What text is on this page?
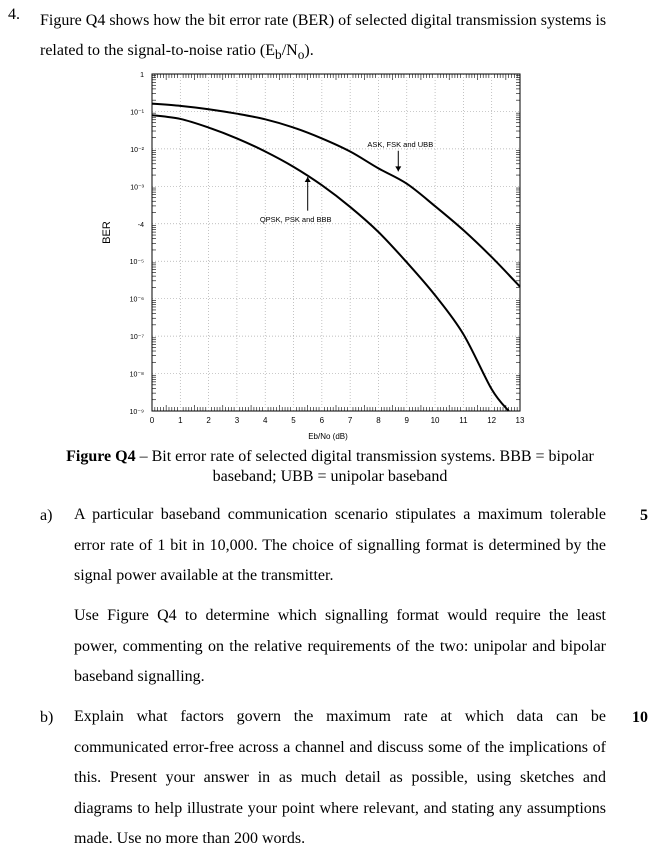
4. Figure Q4 shows how the bit error rate (BER) of selected digital transmission systems is related to the signal-to-noise ratio $(E_b/N_o)$.
0	1	2	3	4	5	6	7	8	9	10 11 12 13
1
10⁻¹
10⁻²
10⁻³
-4
10⁻⁵
10⁻⁶
10⁻⁷
10⁻⁸
10⁻⁹
Eb/No (dB)
BER
ASK, FSK and UBB
QPSK, PSK and BBB
Figure Q4 – Bit error rate of selected digital transmission systems. BBB = bipolar baseband; UBB = unipolar baseband
a)	5
A particular baseband communication scenario stipulates a maximum tolerable error rate of 1 bit in 10,000. The choice of signalling format is determined by the signal power available at the transmitter.
Use Figure Q4 to determine which signalling format would require the least power, commenting on the relative requirements of the two: unipolar and bipolar baseband signalling.
b)	10
Explain what factors govern the maximum rate at which data can be communicated error-free across a channel and discuss some of the implications of this. Present your answer in as much detail as possible, using sketches and diagrams to help illustrate your point where relevant, and stating any assumptions made. Use no more than 200 words.
